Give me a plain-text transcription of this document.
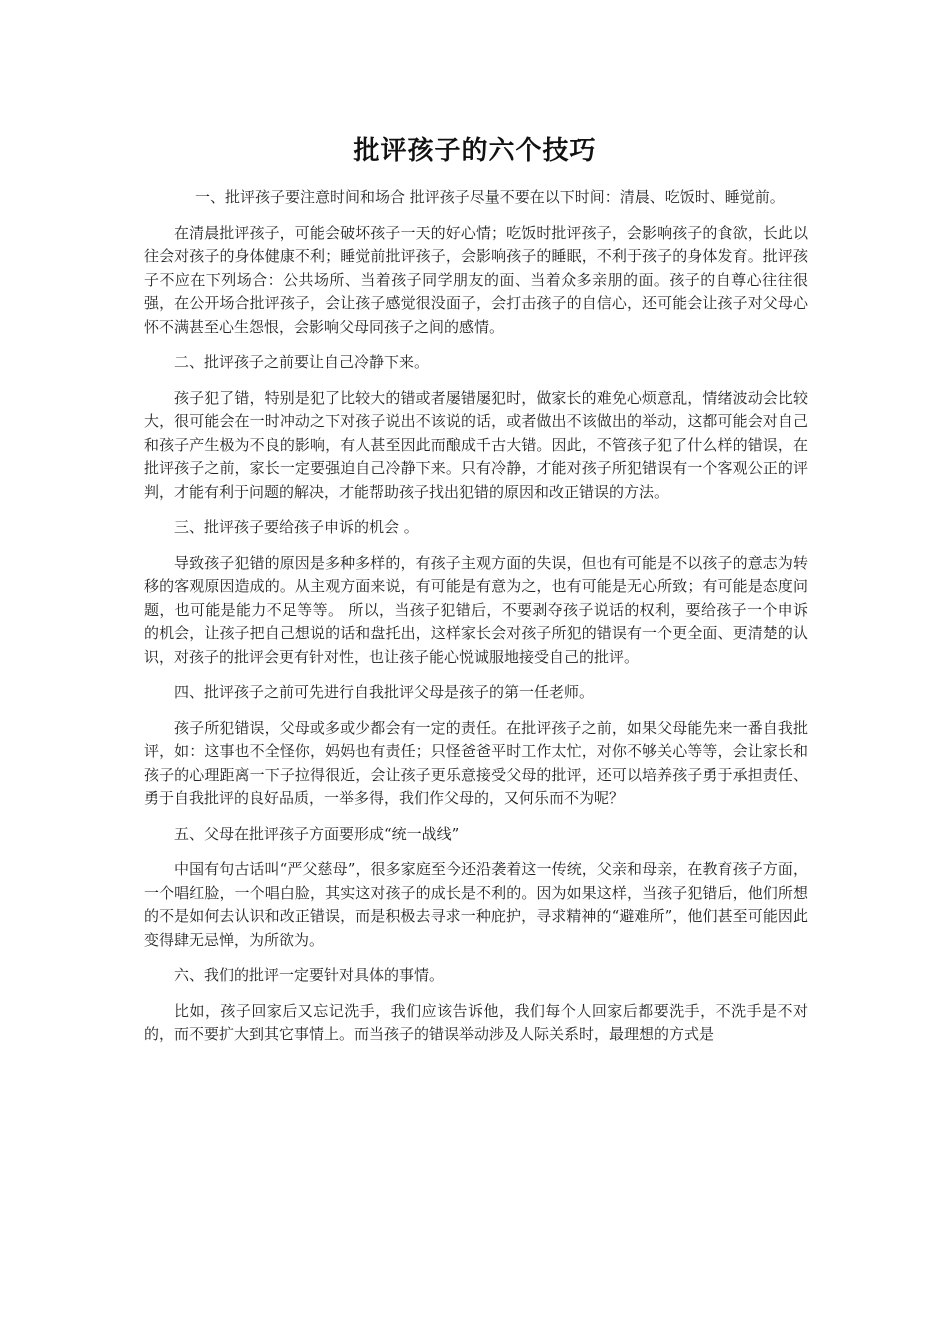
批评孩子的六个技巧

一、批评孩子要注意时间和场合 批评孩子尽量不要在以下时间：清晨、吃饭时、睡觉前。

在清晨批评孩子，可能会破坏孩子一天的好心情；吃饭时批评孩子，会影响孩子的食欲，长此以往会对孩子的身体健康不利；睡觉前批评孩子，会影响孩子的睡眠，不利于孩子的身体发育。批评孩子不应在下列场合：公共场所、当着孩子同学朋友的面、当着众多亲朋的面。孩子的自尊心往往很强，在公开场合批评孩子，会让孩子感觉很没面子，会打击孩子的自信心，还可能会让孩子对父母心怀不满甚至心生怨恨，会影响父母同孩子之间的感情。

二、批评孩子之前要让自己冷静下来。

孩子犯了错，特别是犯了比较大的错或者屡错屡犯时，做家长的难免心烦意乱，情绪波动会比较大，很可能会在一时冲动之下对孩子说出不该说的话，或者做出不该做出的举动，这都可能会对自己和孩子产生极为不良的影响，有人甚至因此而酿成千古大错。因此，不管孩子犯了什么样的错误，在批评孩子之前，家长一定要强迫自己冷静下来。只有冷静，才能对孩子所犯错误有一个客观公正的评判，才能有利于问题的解决，才能帮助孩子找出犯错的原因和改正错误的方法。

三、批评孩子要给孩子申诉的机会 。

导致孩子犯错的原因是多种多样的，有孩子主观方面的失误，但也有可能是不以孩子的意志为转移的客观原因造成的。从主观方面来说，有可能是有意为之，也有可能是无心所致；有可能是态度问题，也可能是能力不足等等。 所以，当孩子犯错后，不要剥夺孩子说话的权利，要给孩子一个申诉的机会，让孩子把自己想说的话和盘托出，这样家长会对孩子所犯的错误有一个更全面、更清楚的认识，对孩子的批评会更有针对性，也让孩子能心悦诚服地接受自己的批评。

四、批评孩子之前可先进行自我批评父母是孩子的第一任老师。

孩子所犯错误，父母或多或少都会有一定的责任。在批评孩子之前，如果父母能先来一番自我批评，如：这事也不全怪你，妈妈也有责任；只怪爸爸平时工作太忙，对你不够关心等等，会让家长和孩子的心理距离一下子拉得很近，会让孩子更乐意接受父母的批评，还可以培养孩子勇于承担责任、勇于自我批评的良好品质，一举多得，我们作父母的，又何乐而不为呢？

五、父母在批评孩子方面要形成“统一战线”

中国有句古话叫“严父慈母”，很多家庭至今还沿袭着这一传统，父亲和母亲，在教育孩子方面，一个唱红脸，一个唱白脸，其实这对孩子的成长是不利的。因为如果这样，当孩子犯错后，他们所想的不是如何去认识和改正错误，而是积极去寻求一种庇护，寻求精神的“避难所”，他们甚至可能因此变得肆无忌惮，为所欲为。

六、我们的批评一定要针对具体的事情。

比如，孩子回家后又忘记洗手，我们应该告诉他，我们每个人回家后都要洗手，不洗手是不对的，而不要扩大到其它事情上。而当孩子的错误举动涉及人际关系时，最理想的方式是
